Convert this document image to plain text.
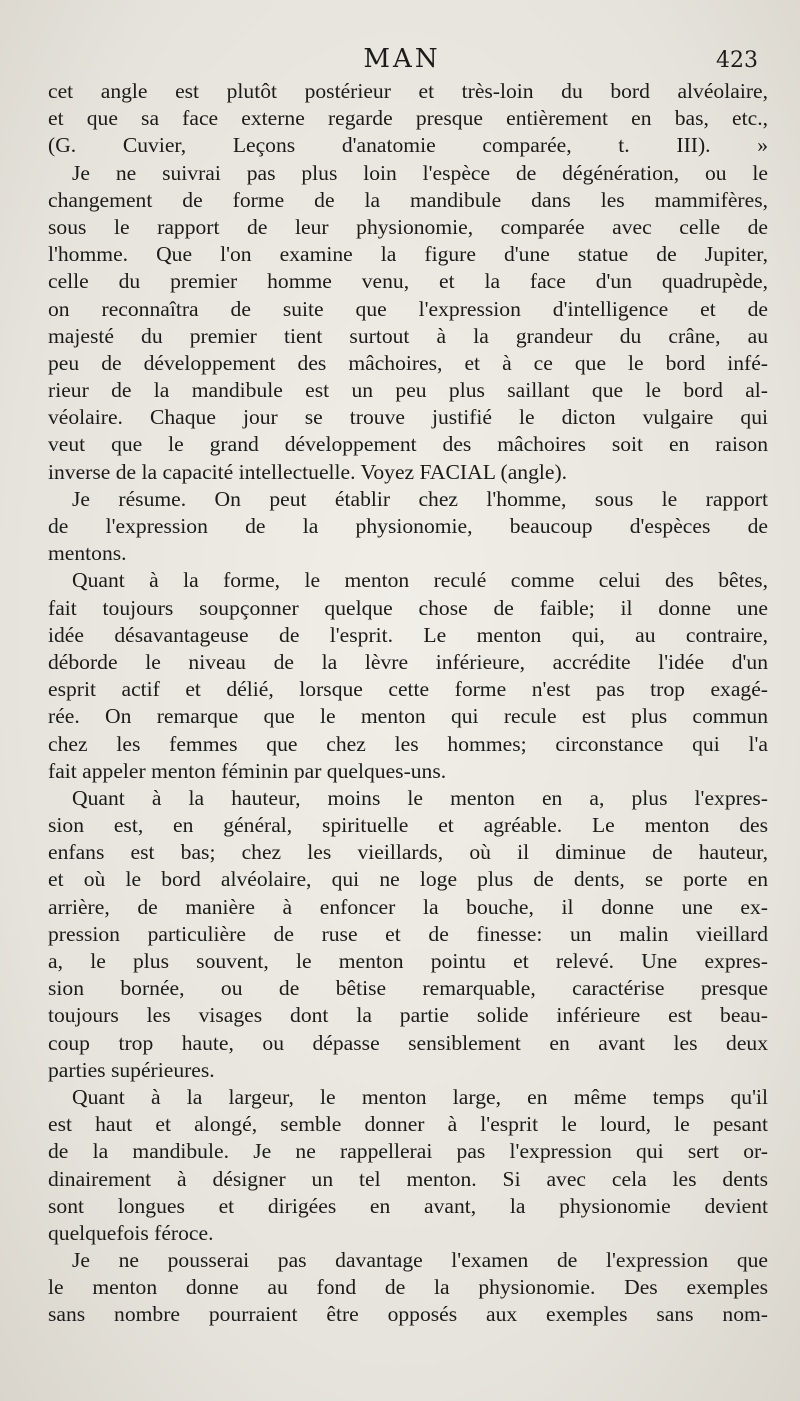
MAN	423
cet angle est plutôt postérieur et très-loin du bord alvéolaire,
et que sa face externe regarde presque entièrement en bas, etc.,
(G. Cuvier, Leçons d'anatomie comparée, t. III). »
Je ne suivrai pas plus loin l'espèce de dégénération, ou le
changement de forme de la mandibule dans les mammifères,
sous le rapport de leur physionomie, comparée avec celle de
l'homme. Que l'on examine la figure d'une statue de Jupiter,
celle du premier homme venu, et la face d'un quadrupède,
on reconnaîtra de suite que l'expression d'intelligence et de
majesté du premier tient surtout à la grandeur du crâne, au
peu de développement des mâchoires, et à ce que le bord infé-
rieur de la mandibule est un peu plus saillant que le bord al-
véolaire. Chaque jour se trouve justifié le dicton vulgaire qui
veut que le grand développement des mâchoires soit en raison
inverse de la capacité intellectuelle. Voyez FACIAL (angle).
Je résume. On peut établir chez l'homme, sous le rapport
de l'expression de la physionomie, beaucoup d'espèces de
mentons.
Quant à la forme, le menton reculé comme celui des bêtes,
fait toujours soupçonner quelque chose de faible; il donne une
idée désavantageuse de l'esprit. Le menton qui, au contraire,
déborde le niveau de la lèvre inférieure, accrédite l'idée d'un
esprit actif et délié, lorsque cette forme n'est pas trop exagé-
rée. On remarque que le menton qui recule est plus commun
chez les femmes que chez les hommes; circonstance qui l'a
fait appeler menton féminin par quelques-uns.
Quant à la hauteur, moins le menton en a, plus l'expres-
sion est, en général, spirituelle et agréable. Le menton des
enfans est bas; chez les vieillards, où il diminue de hauteur,
et où le bord alvéolaire, qui ne loge plus de dents, se porte en
arrière, de manière à enfoncer la bouche, il donne une ex-
pression particulière de ruse et de finesse: un malin vieillard
a, le plus souvent, le menton pointu et relevé. Une expres-
sion bornée, ou de bêtise remarquable, caractérise presque
toujours les visages dont la partie solide inférieure est beau-
coup trop haute, ou dépasse sensiblement en avant les deux
parties supérieures.
Quant à la largeur, le menton large, en même temps qu'il
est haut et alongé, semble donner à l'esprit le lourd, le pesant
de la mandibule. Je ne rappellerai pas l'expression qui sert or-
dinairement à désigner un tel menton. Si avec cela les dents
sont longues et dirigées en avant, la physionomie devient
quelquefois féroce.
Je ne pousserai pas davantage l'examen de l'expression que
le menton donne au fond de la physionomie. Des exemples
sans nombre pourraient être opposés aux exemples sans nom-
